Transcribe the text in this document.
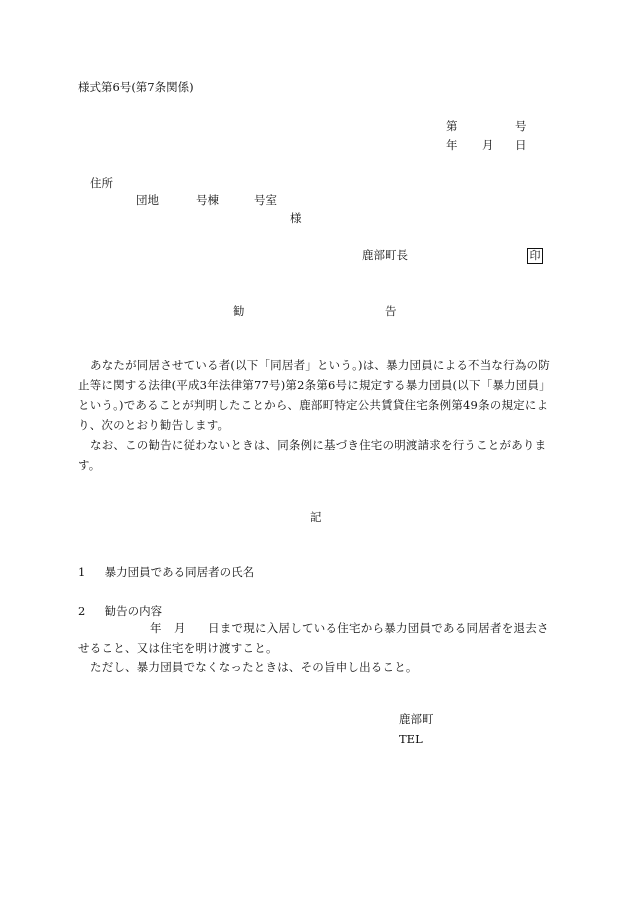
様式第6号(第7条関係)
第	号
年 月 日
住所
団地	号棟	号室
様
鹿部町長	印
勧	告
あなたが同居させている者(以下「同居者」という。)は、暴力団員による不当な行為の防止等に関する法律(平成3年法律第77号)第2条第6号に規定する暴力団員(以下「暴力団員」という。)であることが判明したことから、鹿部町特定公共賃貸住宅条例第49条の規定により、次のとおり勧告します。
なお、この勧告に従わないときは、同条例に基づき住宅の明渡請求を行うことがあります。
記
1 暴力団員である同居者の氏名
2 勧告の内容
年 月	日まで現に入居している住宅から暴力団員である同居者を退去させること、又は住宅を明け渡すこと。
ただし、暴力団員でなくなったときは、その旨申し出ること。
鹿部町
TEL
